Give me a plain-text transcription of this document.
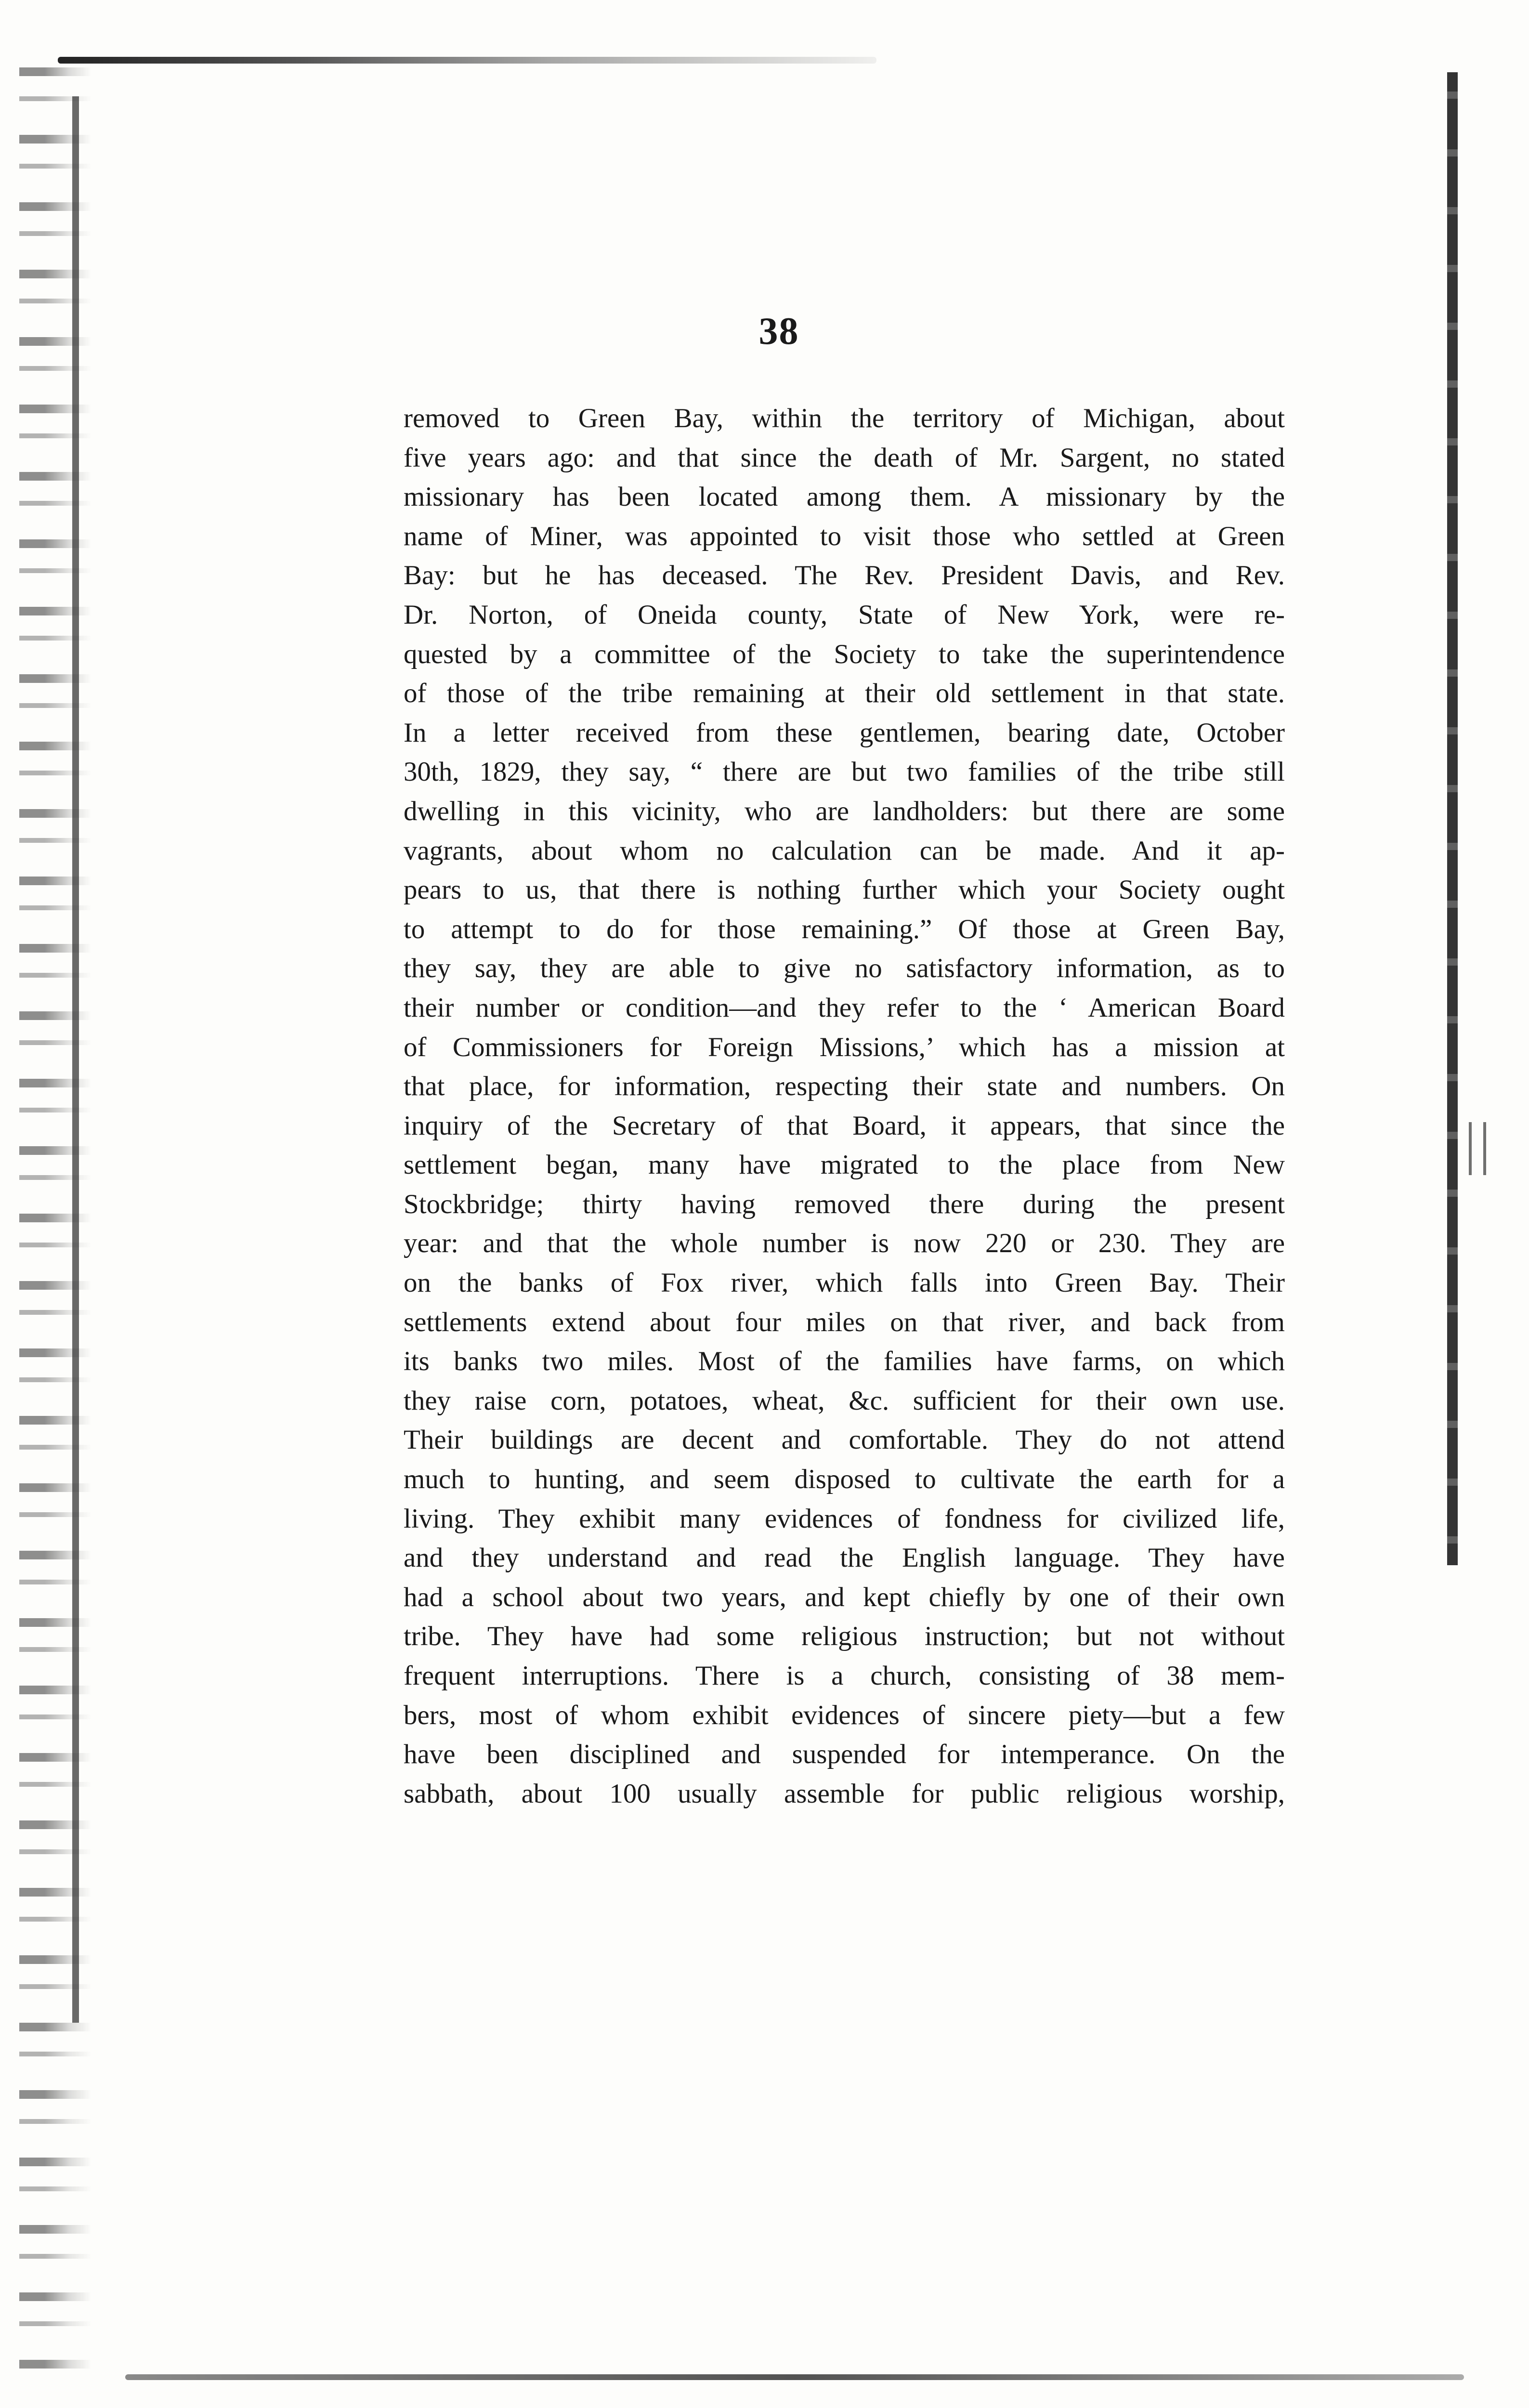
38
removed to Green Bay, within the territory of Michigan, about
five years ago: and that since the death of Mr. Sargent, no stated
missionary has been located among them. A missionary by the
name of Miner, was appointed to visit those who settled at Green
Bay: but he has deceased. The Rev. President Davis, and Rev.
Dr. Norton, of Oneida county, State of New York, were re-
quested by a committee of the Society to take the superintendence
of those of the tribe remaining at their old settlement in that state.
In a letter received from these gentlemen, bearing date, October
30th, 1829, they say, “ there are but two families of the tribe still
dwelling in this vicinity, who are landholders: but there are some
vagrants, about whom no calculation can be made. And it ap-
pears to us, that there is nothing further which your Society ought
to attempt to do for those remaining.” Of those at Green Bay,
they say, they are able to give no satisfactory information, as to
their number or condition—and they refer to the ‘ American Board
of Commissioners for Foreign Missions,’ which has a mission at
that place, for information, respecting their state and numbers. On
inquiry of the Secretary of that Board, it appears, that since the
settlement began, many have migrated to the place from New
Stockbridge; thirty having removed there during the present
year: and that the whole number is now 220 or 230. They are
on the banks of Fox river, which falls into Green Bay. Their
settlements extend about four miles on that river, and back from
its banks two miles. Most of the families have farms, on which
they raise corn, potatoes, wheat, &c. sufficient for their own use.
Their buildings are decent and comfortable. They do not attend
much to hunting, and seem disposed to cultivate the earth for a
living. They exhibit many evidences of fondness for civilized life,
and they understand and read the English language. They have
had a school about two years, and kept chiefly by one of their own
tribe. They have had some religious instruction; but not without
frequent interruptions. There is a church, consisting of 38 mem-
bers, most of whom exhibit evidences of sincere piety—but a few
have been disciplined and suspended for intemperance. On the
sabbath, about 100 usually assemble for public religious worship,
